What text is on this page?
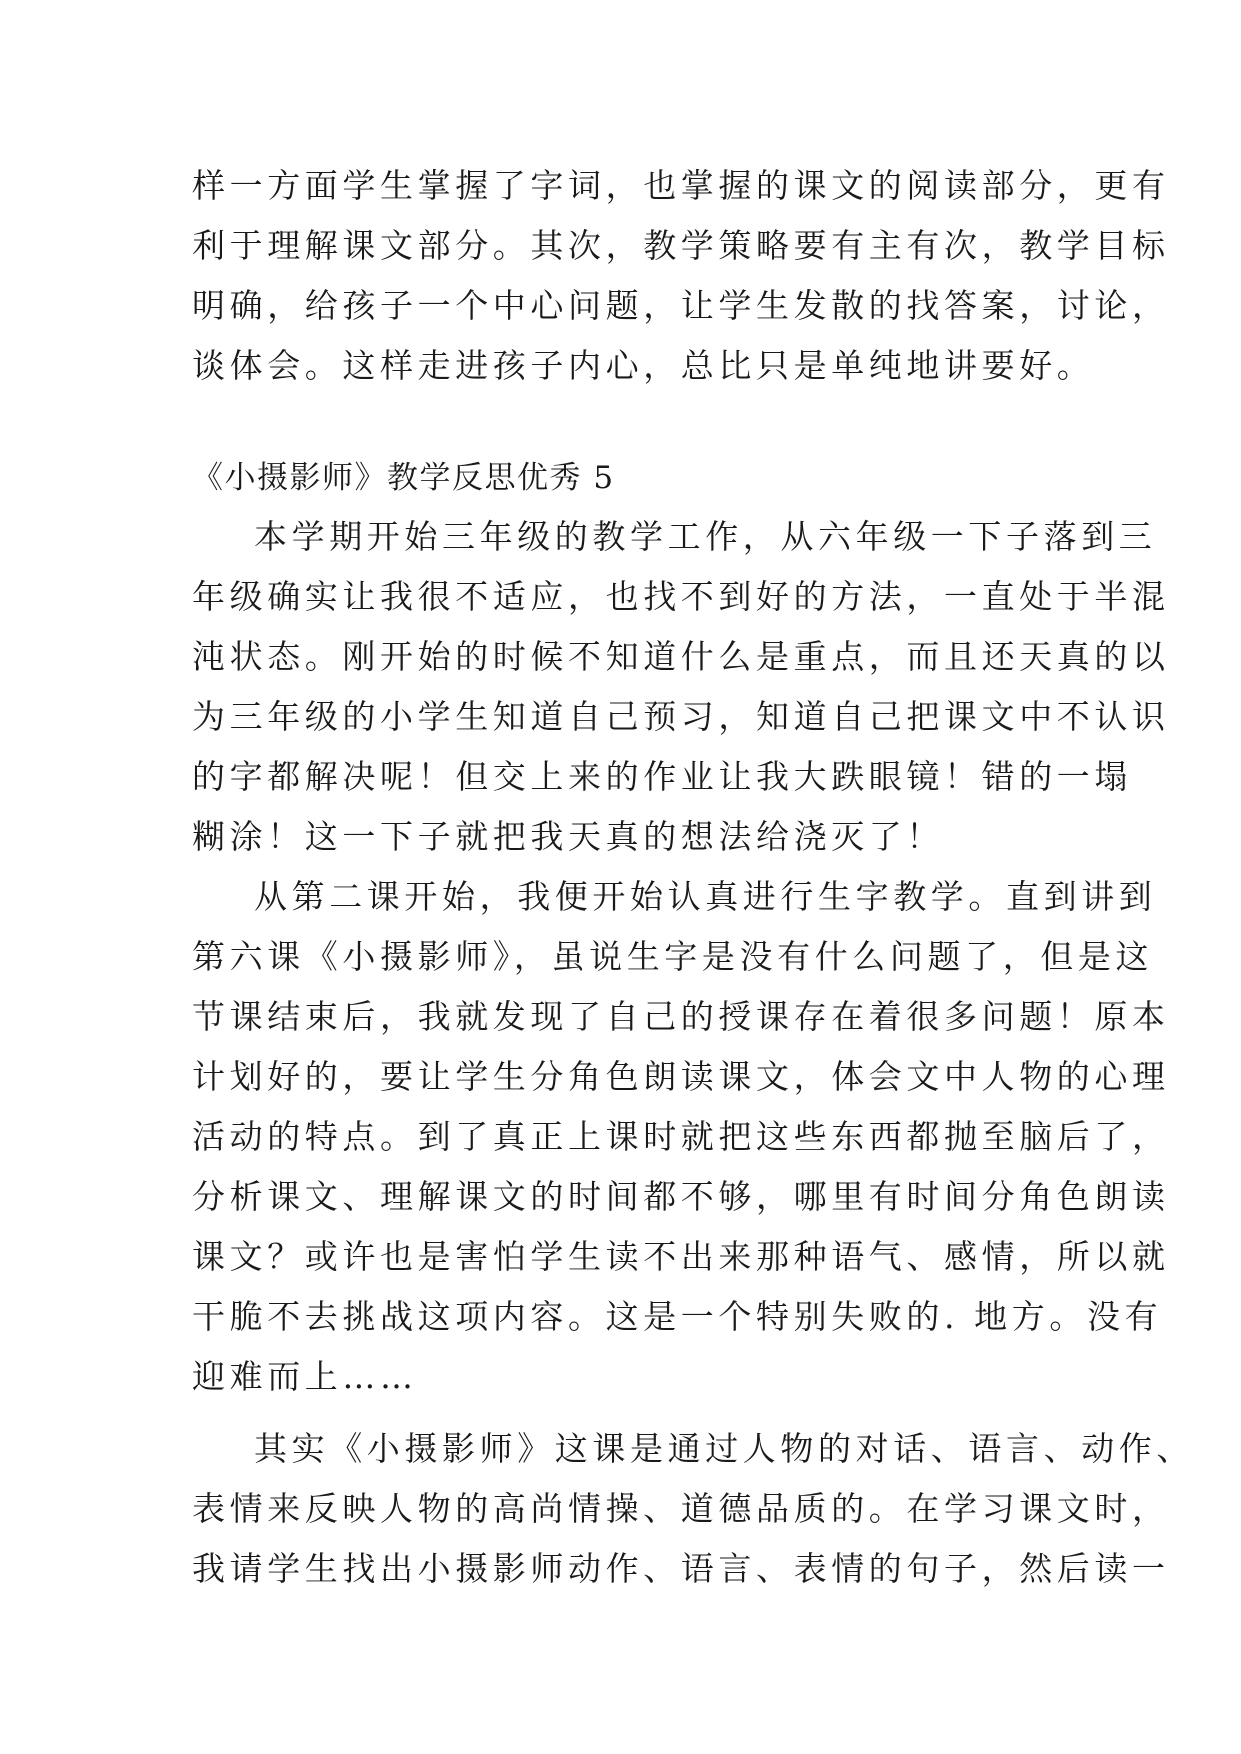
样一方面学生掌握了字词，也掌握的课文的阅读部分，更有
利于理解课文部分。其次，教学策略要有主有次，教学目标
明确，给孩子一个中心问题，让学生发散的找答案，讨论，
谈体会。这样走进孩子内心，总比只是单纯地讲要好。
《小摄影师》教学反思优秀 5
本学期开始三年级的教学工作，从六年级一下子落到三
年级确实让我很不适应，也找不到好的方法，一直处于半混
沌状态。刚开始的时候不知道什么是重点，而且还天真的以
为三年级的小学生知道自己预习，知道自己把课文中不认识
的字都解决呢！但交上来的作业让我大跌眼镜！错的一塌
糊涂！这一下子就把我天真的想法给浇灭了！
从第二课开始，我便开始认真进行生字教学。直到讲到
第六课《小摄影师》，虽说生字是没有什么问题了，但是这
节课结束后，我就发现了自己的授课存在着很多问题！原本
计划好的，要让学生分角色朗读课文，体会文中人物的心理
活动的特点。到了真正上课时就把这些东西都抛至脑后了，
分析课文、理解课文的时间都不够，哪里有时间分角色朗读
课文？或许也是害怕学生读不出来那种语气、感情，所以就
干脆不去挑战这项内容。这是一个特别失败的. 地方。没有
迎难而上……
其实《小摄影师》这课是通过人物的对话、语言、动作、
表情来反映人物的高尚情操、道德品质的。在学习课文时，
我请学生找出小摄影师动作、语言、表情的句子，然后读一
